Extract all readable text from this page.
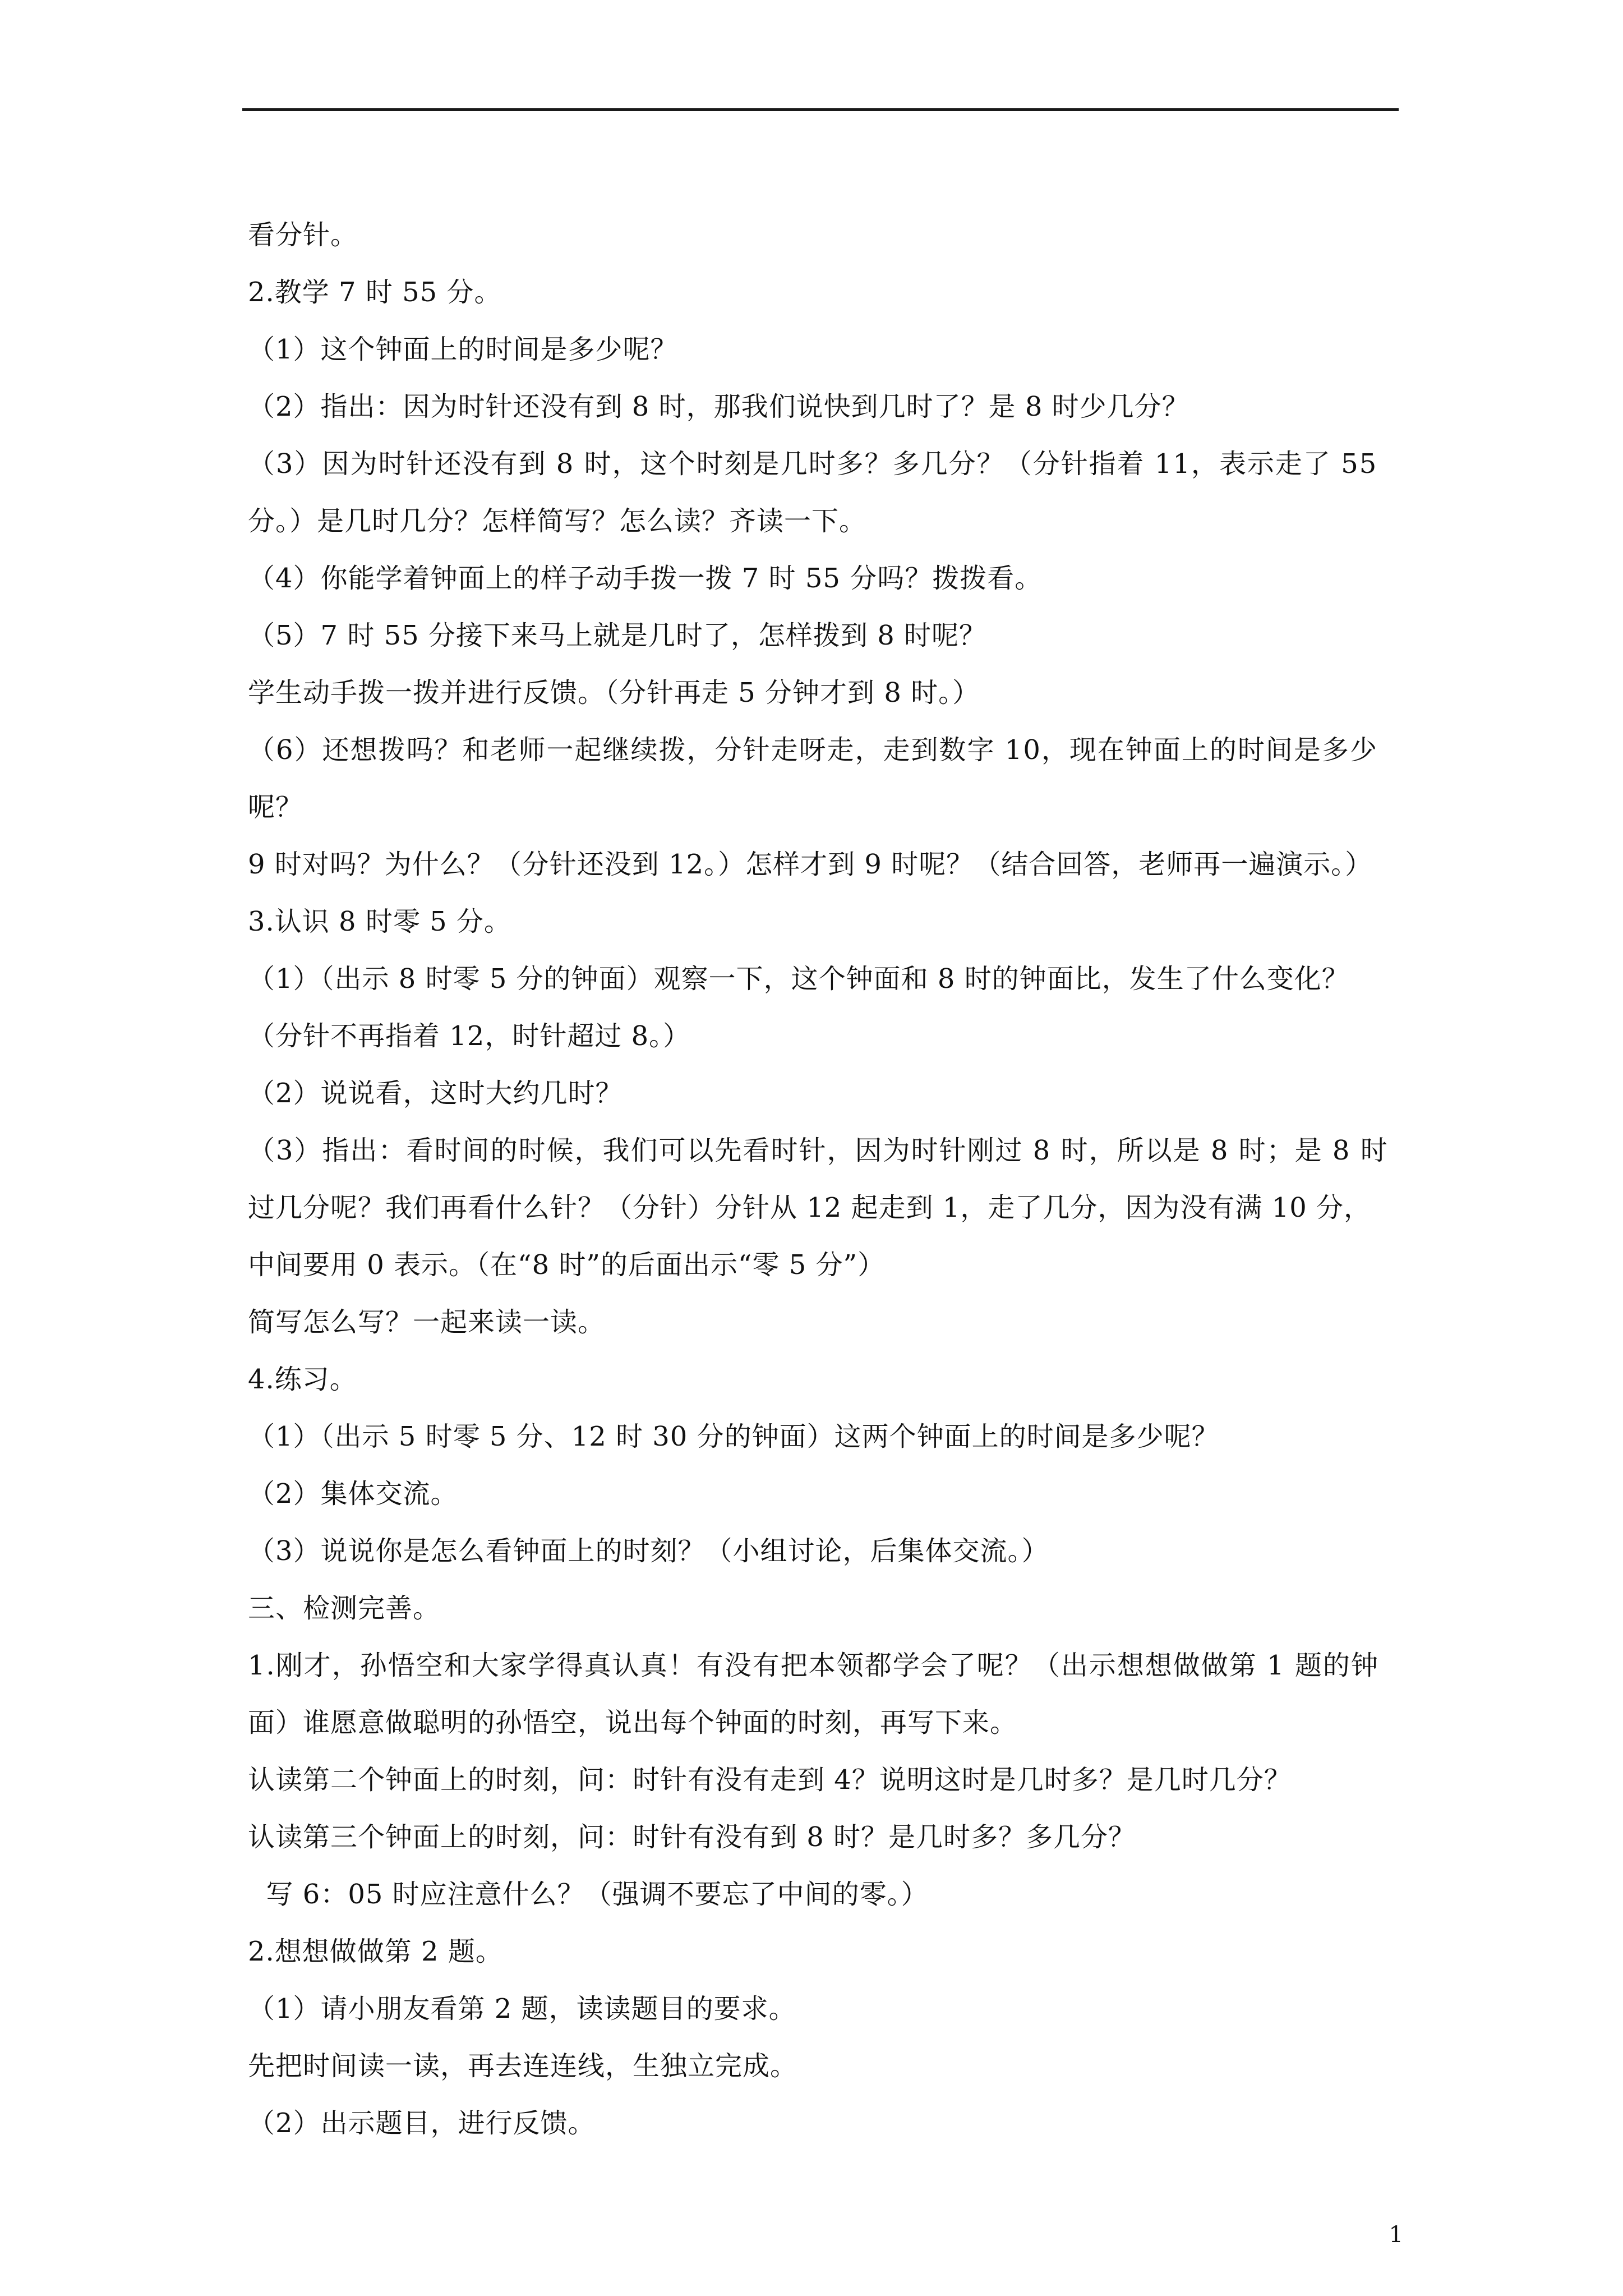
看分针。
2.教学 7 时 55 分。
（1）这个钟面上的时间是多少呢？
（2）指出：因为时针还没有到 8 时，那我们说快到几时了？是 8 时少几分？
（3）因为时针还没有到 8 时，这个时刻是几时多？多几分？（分针指着 11，表示走了 55
分。）是几时几分？怎样简写？怎么读？齐读一下。
（4）你能学着钟面上的样子动手拨一拨 7 时 55 分吗？拨拨看。
（5）7 时 55 分接下来马上就是几时了，怎样拨到 8 时呢？
学生动手拨一拨并进行反馈。（分针再走 5 分钟才到 8 时。）
（6）还想拨吗？和老师一起继续拨，分针走呀走，走到数字 10，现在钟面上的时间是多少
呢？
9 时对吗？为什么？（分针还没到 12。）怎样才到 9 时呢？（结合回答，老师再一遍演示。）
3.认识 8 时零 5 分。
（1）（出示 8 时零 5 分的钟面）观察一下，这个钟面和 8 时的钟面比，发生了什么变化？
（分针不再指着 12，时针超过 8。）
（2）说说看，这时大约几时？
（3）指出：看时间的时候，我们可以先看时针，因为时针刚过 8 时，所以是 8 时；是 8 时
过几分呢？我们再看什么针？（分针）分针从 12 起走到 1，走了几分，因为没有满 10 分，
中间要用 0 表示。（在“8 时”的后面出示“零 5 分”）
简写怎么写？一起来读一读。
4.练习。
（1）（出示 5 时零 5 分、12 时 30 分的钟面）这两个钟面上的时间是多少呢？
（2）集体交流。
（3）说说你是怎么看钟面上的时刻？（小组讨论，后集体交流。）
三、检测完善。
1.刚才，孙悟空和大家学得真认真！有没有把本领都学会了呢？（出示想想做做第 1 题的钟
面）谁愿意做聪明的孙悟空，说出每个钟面的时刻，再写下来。
认读第二个钟面上的时刻，问：时针有没有走到 4？说明这时是几时多？是几时几分？
认读第三个钟面上的时刻，问：时针有没有到 8 时？是几时多？多几分？
写 6：05 时应注意什么？（强调不要忘了中间的零。）
2.想想做做第 2 题。
（1）请小朋友看第 2 题，读读题目的要求。
先把时间读一读，再去连连线，生独立完成。
（2）出示题目，进行反馈。
1
